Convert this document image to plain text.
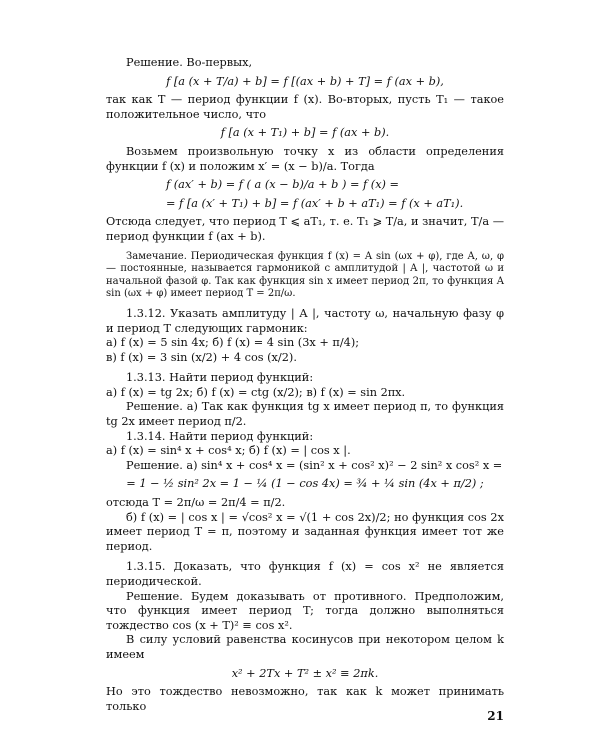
Решение. Во-первых,

f [a (x + T/a) + b] = f [(ax + b) + T] = f (ax + b),

так как T — период функции f (x). Во-вторых, пусть T₁ — такое положительное число, что

f [a (x + T₁) + b] = f (ax + b).

Возьмем произвольную точку x из области определения функции f (x) и положим x′ = (x − b)/a. Тогда

f (ax′ + b) = f ( a (x − b)/a + b ) = f (x) =
= f [a (x′ + T₁) + b] = f (ax′ + b + aT₁) = f (x + aT₁).

Отсюда следует, что период T ⩽ aT₁, т. е. T₁ ⩾ T/a, и значит, T/a — период функции f (ax + b).

Замечание. Периодическая функция f (x) = A sin (ωx + φ), где A, ω, φ — постоянные, называется гармоникой с амплитудой | A |, частотой ω и начальной фазой φ. Так как функция sin x имеет период 2π, то функция A sin (ωx + φ) имеет период T = 2π/ω.

1.3.12. Указать амплитуду | A |, частоту ω, начальную фазу φ и период T следующих гармоник:

а) f (x) = 5 sin 4x; б) f (x) = 4 sin (3x + π/4);

в) f (x) = 3 sin (x/2) + 4 cos (x/2).

1.3.13. Найти период функций:

а) f (x) = tg 2x; б) f (x) = ctg (x/2); в) f (x) = sin 2πx.

Решение. а) Так как функция tg x имеет период π, то функция tg 2x имеет период π/2.

1.3.14. Найти период функций:

а) f (x) = sin⁴ x + cos⁴ x; б) f (x) = | cos x |.

Решение. а) sin⁴ x + cos⁴ x = (sin² x + cos² x)² − 2 sin² x cos² x =

= 1 − ½ sin² 2x = 1 − ¼ (1 − cos 4x) = ¾ + ¼ sin (4x + π/2) ;

отсюда T = 2π/ω = 2π/4 = π/2.

б) f (x) = | cos x | = √cos² x = √(1 + cos 2x)/2; но функция cos 2x имеет период T = π, поэтому и заданная функция имеет тот же период.

1.3.15. Доказать, что функция f (x) = cos x² не является периодической.

Решение. Будем доказывать от противного. Предположим, что функция имеет период T; тогда должно выполняться тождество cos (x + T)² ≡ cos x².

В силу условий равенства косинусов при некотором целом k имеем

x² + 2Tx + T² ± x² ≡ 2πk.

Но это тождество невозможно, так как k может принимать только

21
